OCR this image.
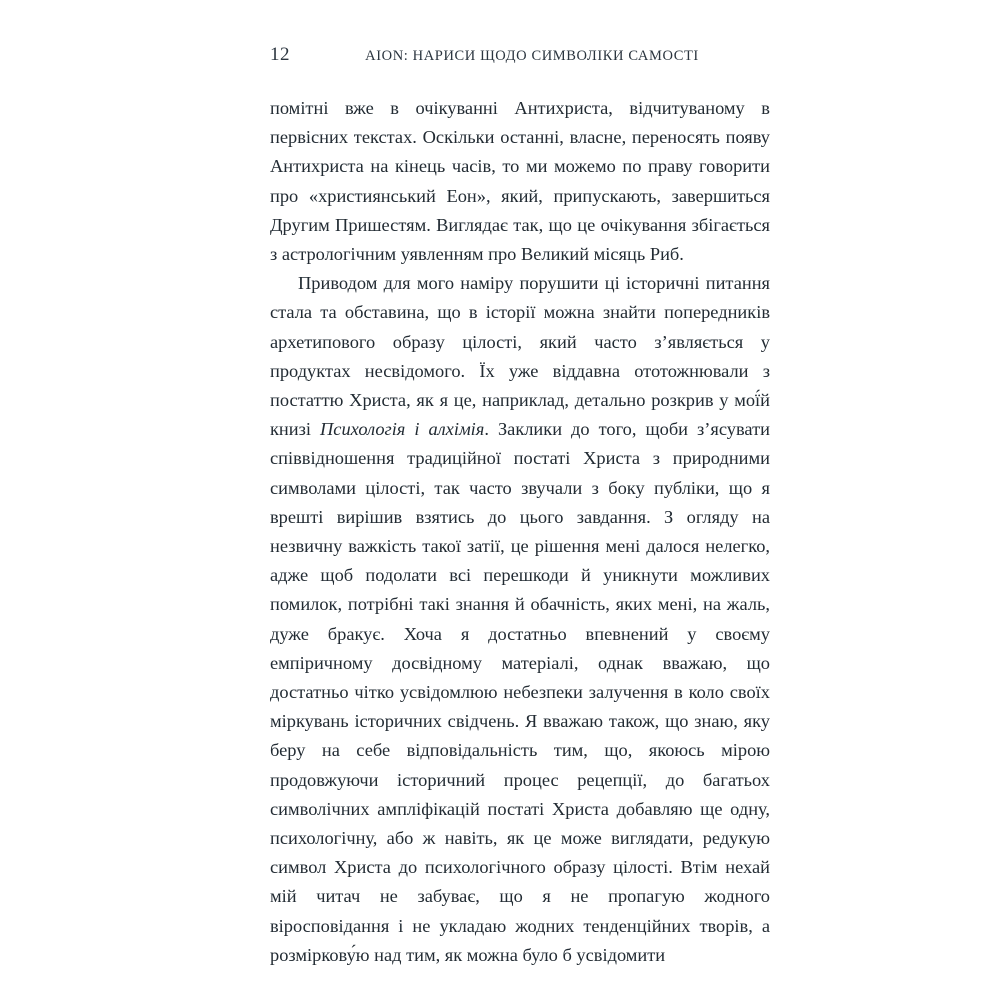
12	AION: НАРИСИ ЩОДО СИМВОЛІКИ САМОСТІ

помітні вже в очікуванні Антихриста, відчитуваному в первісних текстах. Оскільки останні, власне, переносять появу Антихриста на кінець часів, то ми можемо по праву говорити про «християнський Еон», який, припускають, завершиться Другим Пришестям. Виглядає так, що це очікування збігається з астрологічним уявленням про Великий місяць Риб.

Приводом для мого наміру порушити ці історичні питання стала та обставина, що в історії можна знайти попередників архетипового образу цілості, який часто з’являється у продуктах несвідомого. Їх уже віддавна ототожнювали з постаттю Христа, як я це, наприклад, детально розкрив у мої́й книзі Психологія і алхімія. Заклики до того, щоби з’ясувати співвідношення традиційної постаті Христа з природними символами цілості, так часто звучали з боку публіки, що я врешті вирішив взятись до цього завдання. З огляду на незвичну важкість такої затії, це рішення мені далося нелегко, адже щоб подолати всі перешкоди й уникнути можливих помилок, потрібні такі знання й обачність, яких мені, на жаль, дуже бракує. Хоча я достатньо впевнений у своєму емпіричному досвідному матеріалі, однак вважаю, що достатньо чітко усвідомлюю небезпеки залучення в коло своїх міркувань історичних свідчень. Я вважаю також, що знаю, яку беру на себе відповідальність тим, що, якоюсь мірою продовжуючи історичний процес рецепції, до багатьох символічних ампліфікацій постаті Христа добавляю ще одну, психологічну, або ж навіть, як це може виглядати, редукую символ Христа до психологічного образу цілості. Втім нехай мій читач не забуває, що я не пропагую жодного віросповідання і не укладаю жодних тенденційних творів, а розміркову́ю над тим, як можна було б усвідомити
